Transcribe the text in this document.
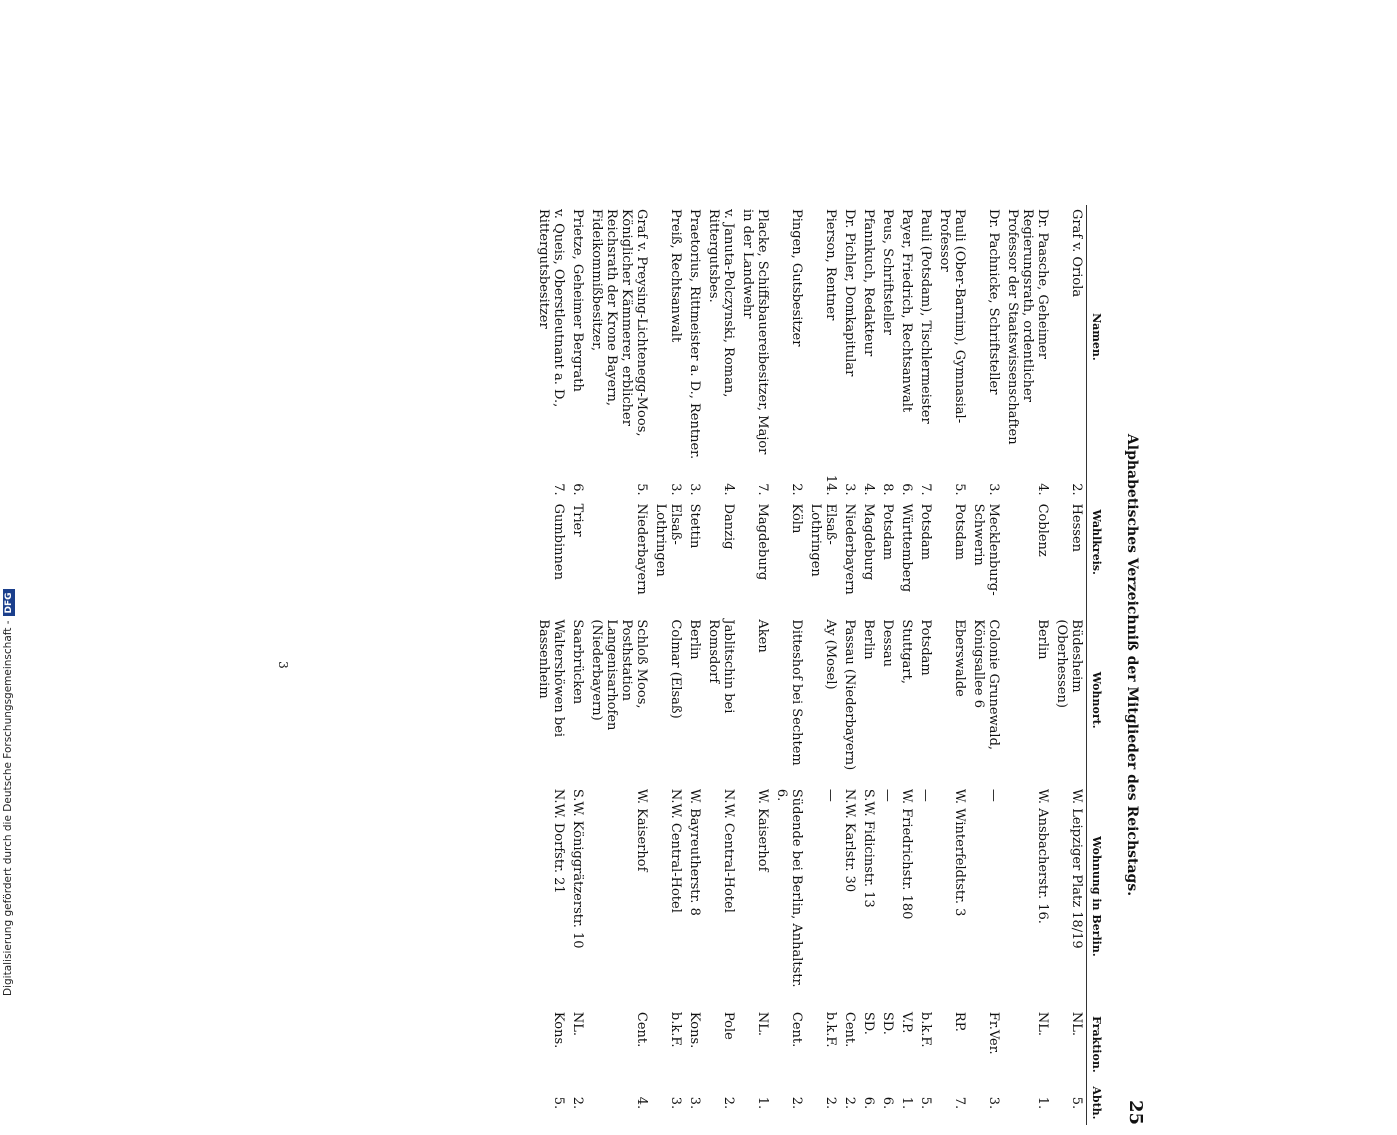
Alphabetisches Verzeichniß der Mitglieder des Reichstags.
25
Namen.	Wahlkreis.		Wohnort.	Wohnung in Berlin.	Fraktion.	Abth.
Graf v. Oriola	2.	Hessen	Büdesheim (Oberhessen)	W. Leipziger Platz 18/19	NL.	5.
Dr. Paasche, Geheimer Regierungsrath, ordentlicher Professor der Staatswissenschaften	4.	Coblenz	Berlin	W. Ansbacherstr. 16.	NL.	1.
Dr. Pachnicke, Schriftsteller	3.	Mecklenburg-Schwerin	Colonie Grunewald, Königsallee 6	—	Fr.Ver.	3.
Pauli (Ober-Barnim), Gymnasial-Professor	5.	Potsdam	Eberswalde	W. Winterfeldtstr. 3	RP.	7.
Pauli (Potsdam), Tischlermeister	7.	Potsdam	Potsdam	—	b.k.F.	5.
Payer, Friedrich, Rechtsanwalt	6.	Württemberg	Stuttgart,	W. Friedrichstr. 180	V.P.	1.
Peus, Schriftsteller	8.	Potsdam	Dessau	—	SD.	6.
Pfannkuch, Redakteur	4.	Magdeburg	Berlin	S.W. Fidicinstr. 13	SD.	6.
Dr. Pichler, Domkapitular	3.	Niederbayern	Passau (Niederbayern)	N.W. Karlstr. 30	Cent.	2.
Pierson, Rentner	14.	Elsaß-Lothringen	Ay (Mosel)	—	b.k.F.	2.
Pingen, Gutsbesitzer	2.	Köln	Ditteshof bei Sechtem	Südende bei Berlin, Anhaltstr. 6.	Cent.	2.
Placke, Schiffsbauereibesitzer, Major in der Landwehr	7.	Magdeburg	Aken	W. Kaiserhof	NL.	1.
v. Januta-Polczynski, Roman, Rittergutsbes.	4.	Danzig	Jablitschin bei Romsdorf	N.W. Central-Hotel	Pole	2.
Praetorius, Rittmeister a. D., Rentner.	3.	Stettin	Berlin	W. Bayreutherstr. 8	Kons.	3.
Preiß, Rechtsanwalt	3.	Elsaß-Lothringen	Colmar (Elsaß)	N.W. Central-Hotel	b.k.F.	3.
Graf v. Preysing-Lichtenegg-Moos, Königlicher Kämmerer, erblicher Reichsrath der Krone Bayern, Fideikommißbesitzer,	5.	Niederbayern	Schloß Moos, Posthstation Langenisarhofen (Niederbayern)	W. Kaiserhof	Cent.	4.
Prietze, Geheimer Bergrath	6.	Trier	Saarbrücken	S.W. Königgrätzerstr. 10	NL.	2.
v. Queis, Oberstleutnant a. D., Rittergutsbesitzer	7.	Gumbinnen	Waltershöwen bei Bassenheim	N.W. Dorfstr. 21	Kons.	5.
3
Digitalisierung gefördert durch die Deutsche Forschungsgemeinschaft -DFG
